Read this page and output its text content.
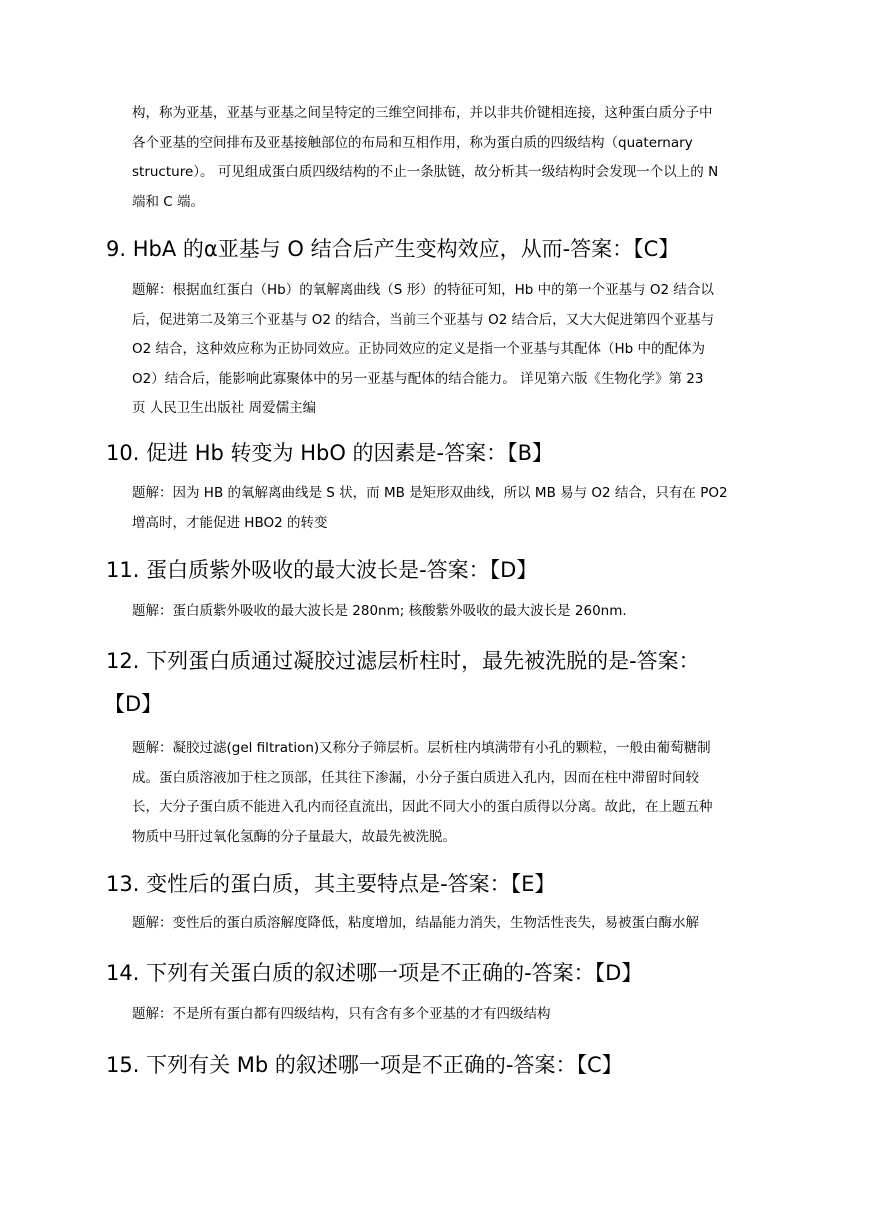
构，称为亚基，亚基与亚基之间呈特定的三维空间排布，并以非共价键相连接，这种蛋白质分子中
各个亚基的空间排布及亚基接触部位的布局和互相作用，称为蛋白质的四级结构（quaternary
structure）。 可见组成蛋白质四级结构的不止一条肽链，故分析其一级结构时会发现一个以上的 N
端和 C 端。
9. HbA 的α亚基与 O 结合后产生变构效应，从而-答案：【C】
题解：根据血红蛋白（Hb）的氧解离曲线（S 形）的特征可知，Hb 中的第一个亚基与 O2 结合以
后，促进第二及第三个亚基与 O2 的结合，当前三个亚基与 O2 结合后，又大大促进第四个亚基与
O2 结合，这种效应称为正协同效应。正协同效应的定义是指一个亚基与其配体（Hb 中的配体为
O2）结合后，能影响此寡聚体中的另一亚基与配体的结合能力。 详见第六版《生物化学》第 23
页 人民卫生出版社 周爱儒主编
10. 促进 Hb 转变为 HbO 的因素是-答案：【B】
题解：因为 HB 的氧解离曲线是 S 状，而 MB 是矩形双曲线，所以 MB 易与 O2 结合，只有在 PO2
增高时，才能促进 HBO2 的转变
11. 蛋白质紫外吸收的最大波长是-答案：【D】
题解：蛋白质紫外吸收的最大波长是 280nm; 核酸紫外吸收的最大波长是 260nm.
12. 下列蛋白质通过凝胶过滤层析柱时，最先被洗脱的是-答案：
【D】
题解：凝胶过滤(gel filtration)又称分子筛层析。层析柱内填满带有小孔的颗粒，一般由葡萄糖制
成。蛋白质溶液加于柱之顶部，任其往下渗漏，小分子蛋白质进入孔内，因而在柱中滞留时间较
长，大分子蛋白质不能进入孔内而径直流出，因此不同大小的蛋白质得以分离。故此，在上题五种
物质中马肝过氧化氢酶的分子量最大，故最先被洗脱。
13. 变性后的蛋白质，其主要特点是-答案：【E】
题解：变性后的蛋白质溶解度降低，粘度增加，结晶能力消失，生物活性丧失，易被蛋白酶水解
14. 下列有关蛋白质的叙述哪一项是不正确的-答案：【D】
题解：不是所有蛋白都有四级结构，只有含有多个亚基的才有四级结构
15. 下列有关 Mb 的叙述哪一项是不正确的-答案：【C】
